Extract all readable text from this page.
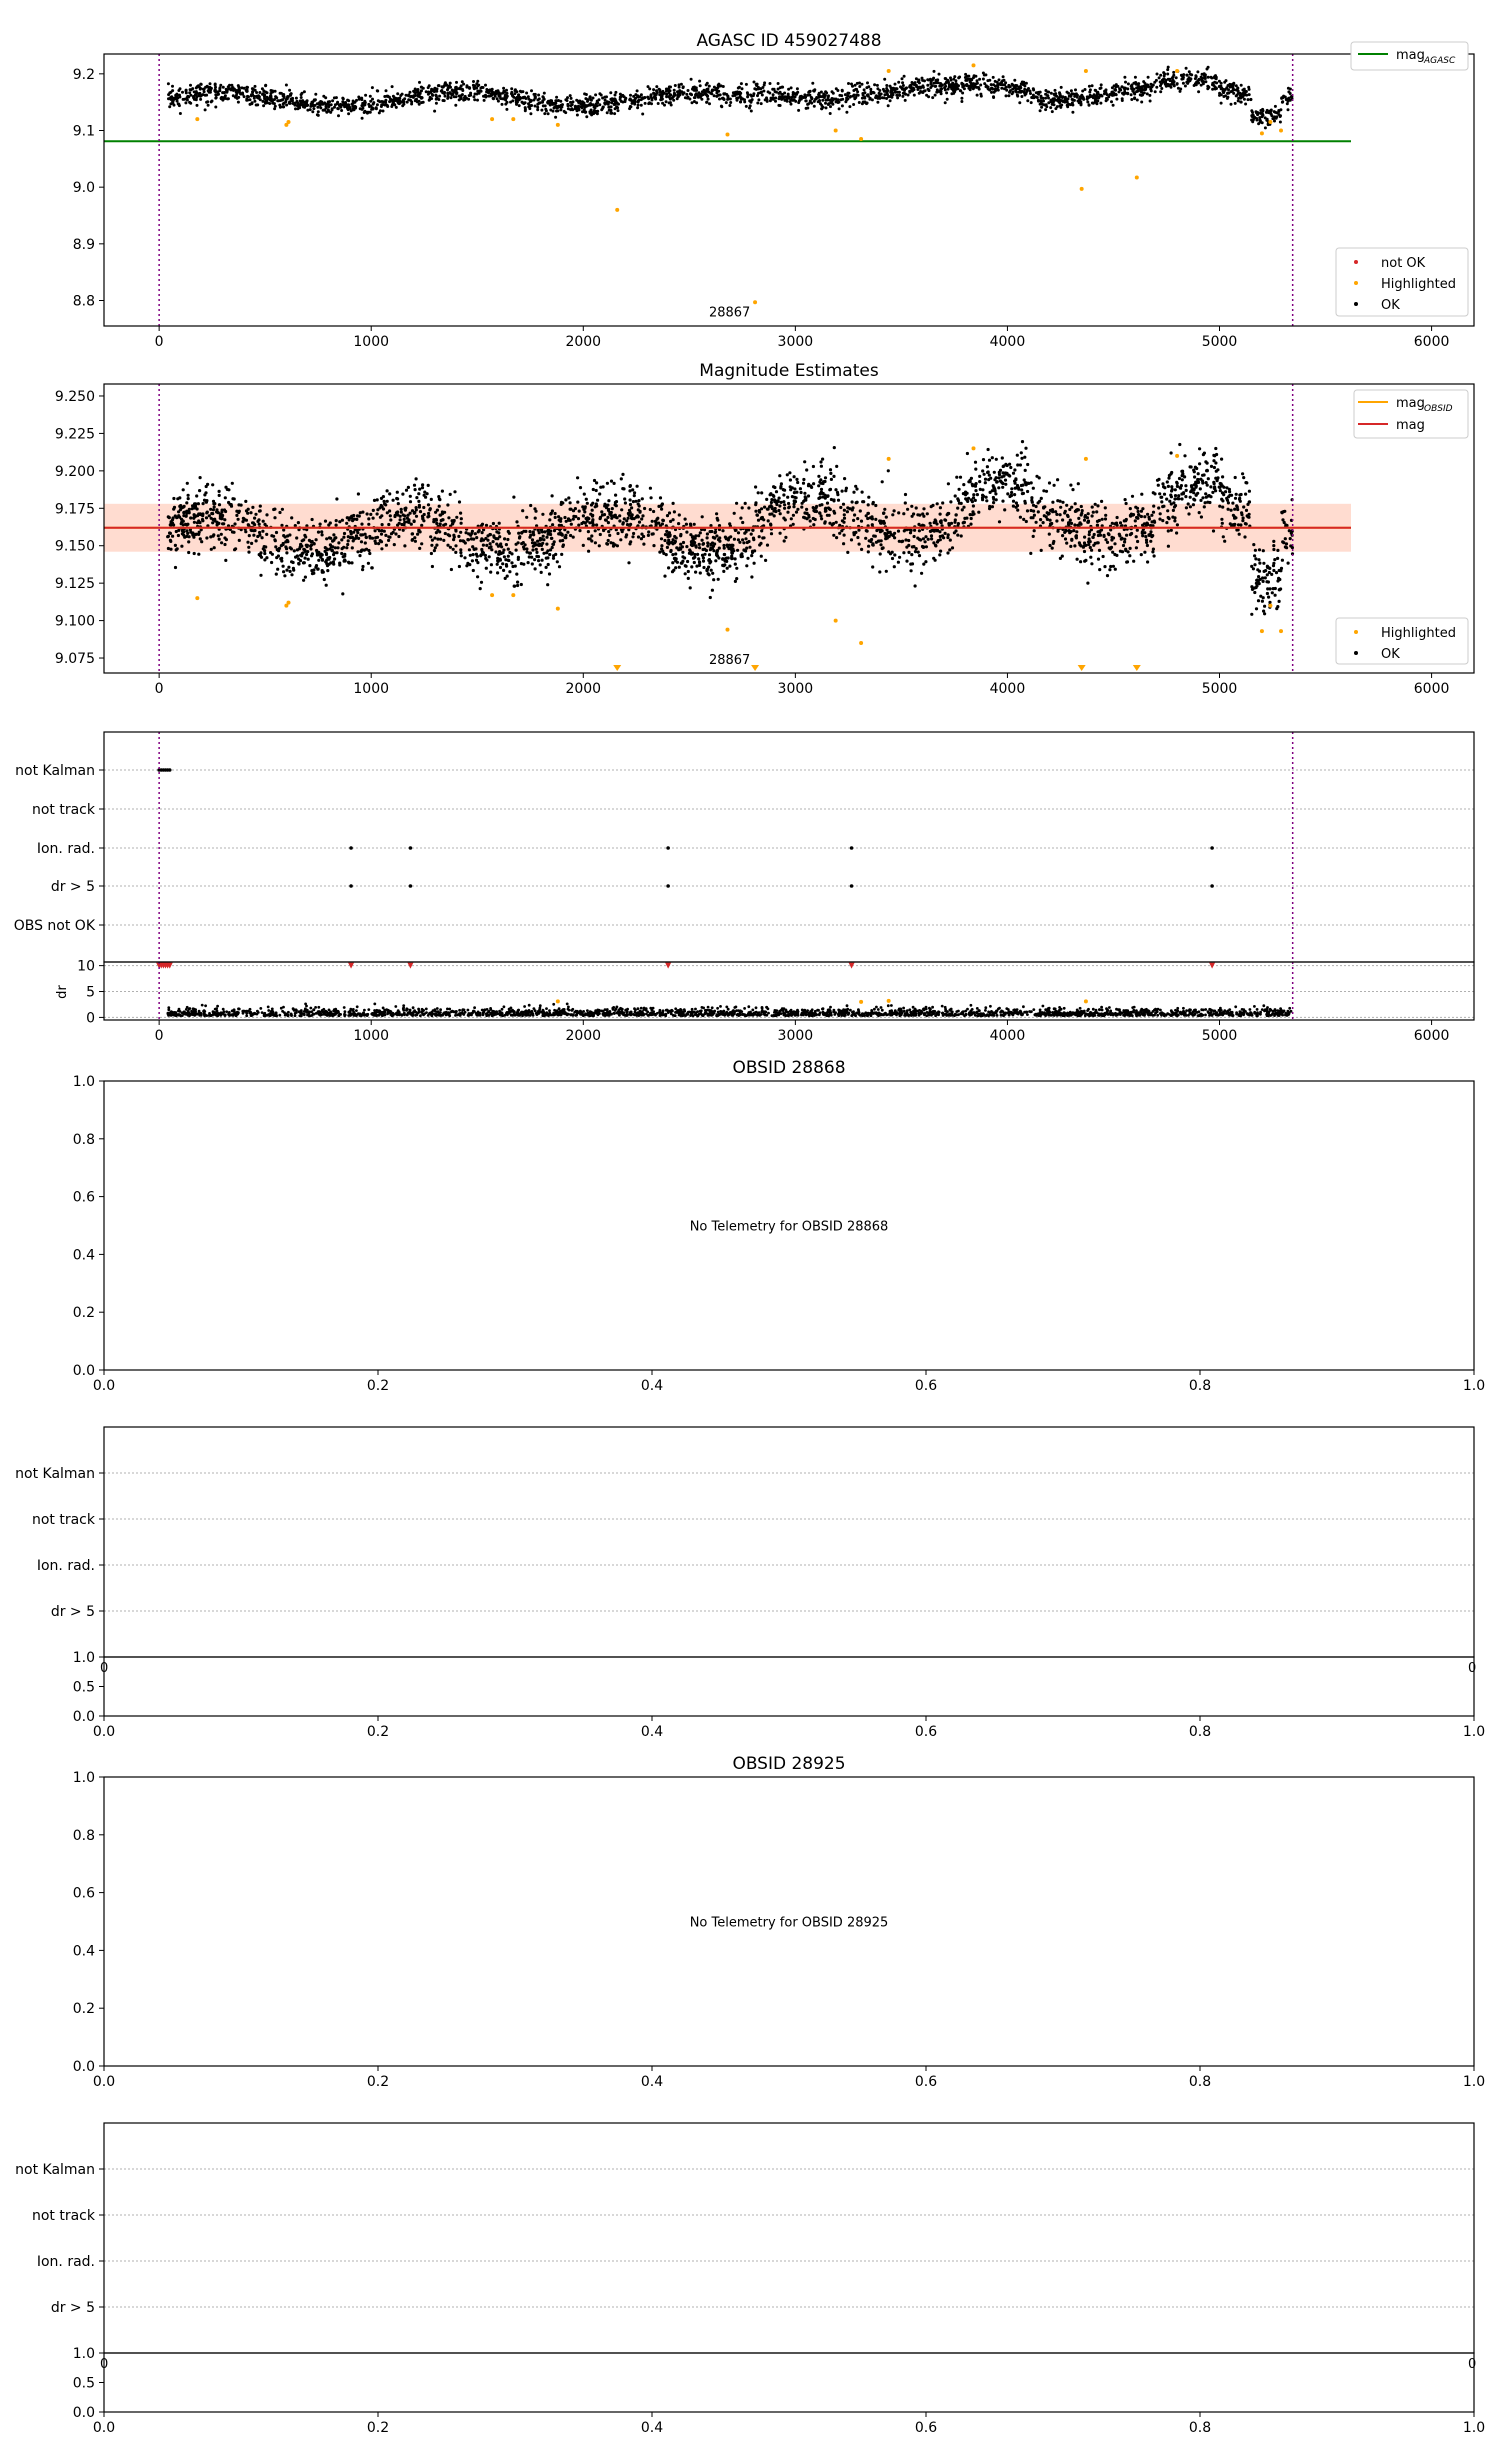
AGASC ID 459027488
28867
0	1000	2000	3000	4000	5000	6000
9.2
9.1
9.0
8.9
8.8
mag AGASC
not OK
Highlighted
OK
Magnitude Estimates
28867
0	1000	2000	3000	4000	5000	6000
9.250
9.225
9.200
9.175
9.150
9.125
9.100
9.075
mag OBSID
mag
Highlighted
OK
not Kalman
not track
Ion. rad.
dr > 5
OBS not OK
10
5
0
dr
0	1000	2000	3000	4000	5000	6000
OBSID 28868
No Telemetry for OBSID 28868
0.0	0.2	0.4	0.6	0.8	1.0
1.0
0.8
0.6
0.4
0.2
0.0
OBSID 28925
No Telemetry for OBSID 28925
0.0	0.2	0.4	0.6	0.8	1.0
1.0
0.8
0.6
0.4
0.2
0.0
not Kalman
not track
Ion. rad.
dr > 5
0	0
1.0
0.5
0.0
0.0	0.2	0.4	0.6	0.8	1.0
not Kalman
not track
Ion. rad.
dr > 5
0	0
1.0
0.5
0.0
0.0	0.2	0.4	0.6	0.8	1.0
